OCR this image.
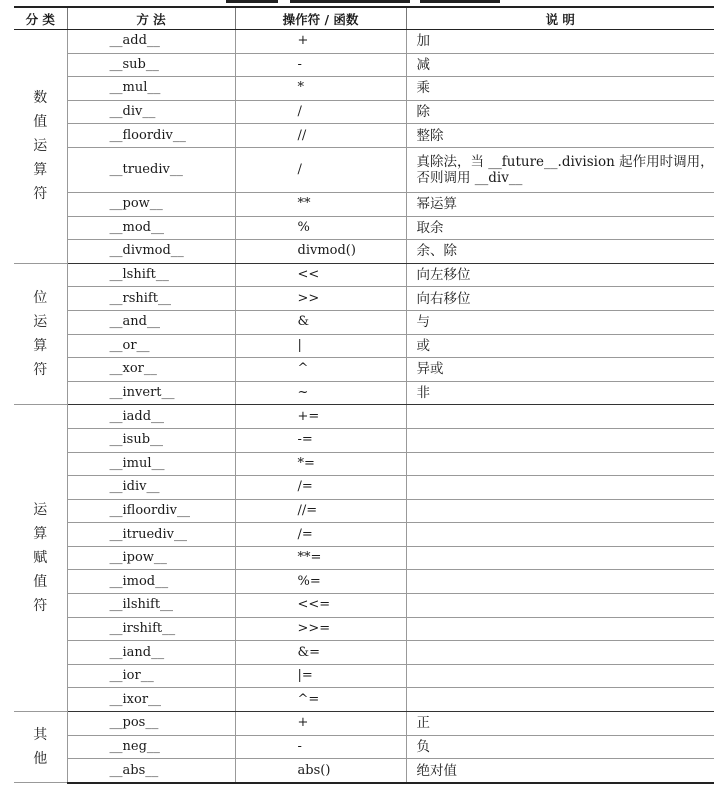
分 类	方 法	操作符 / 函数	说 明
数值运算符	__add__	+	加
	__sub__	-	减
	__mul__	*	乘
	__div__	/	除
	__floordiv__	//	整除
	__truediv__	/	真除法，当 __future__.division 起作用时调用，否则调用 __div__
	__pow__	**	幂运算
	__mod__	%	取余
	__divmod__	divmod()	余、除
位运算符	__lshift__	<<	向左移位
	__rshift__	>>	向右移位
	__and__	&	与
	__or__	|	或
	__xor__	^	异或
	__invert__	~	非
运算赋值符	__iadd__	+=	
	__isub__	-=	
	__imul__	*=	
	__idiv__	/=	
	__ifloordiv__	//=	
	__itruediv__	/=	
	__ipow__	**=	
	__imod__	%=	
	__ilshift__	<<=	
	__irshift__	>>=	
	__iand__	&=	
	__ior__	|=	
	__ixor__	^=	
其他	__pos__	+	正
	__neg__	-	负
	__abs__	abs()	绝对值
